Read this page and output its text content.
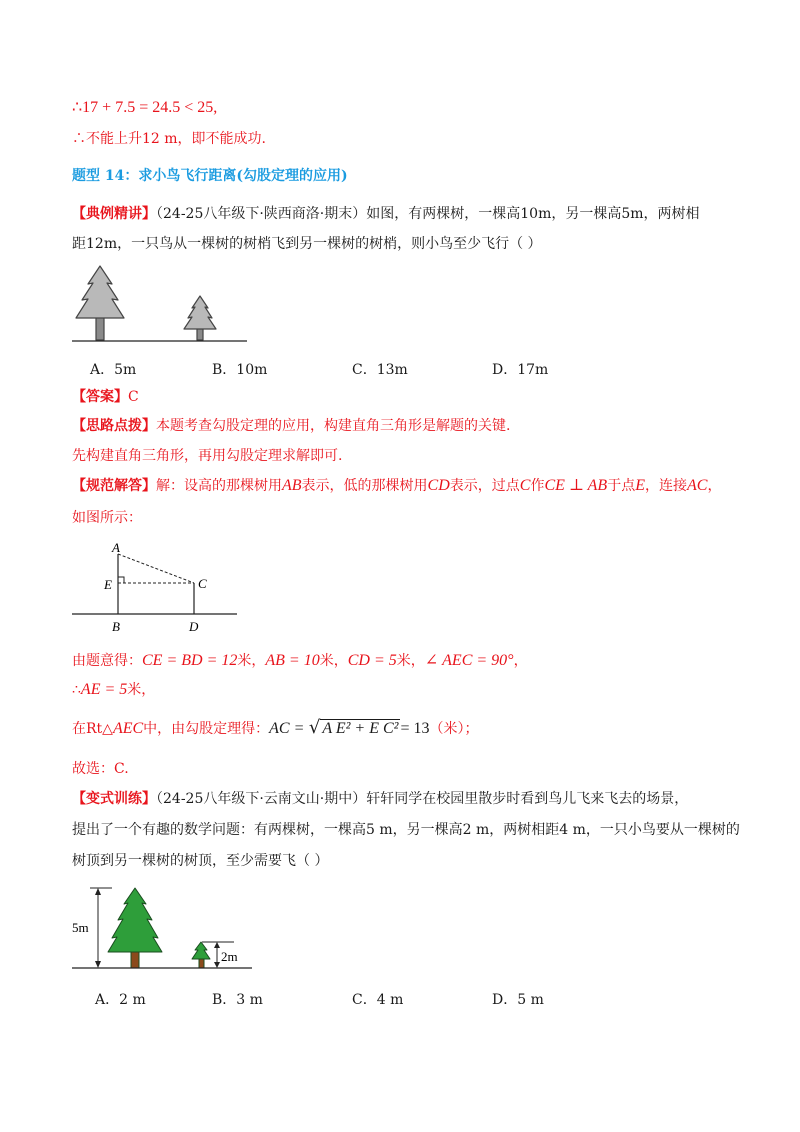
∴17 + 7.5 = 24.5 < 25,
∴不能上升12 m，即不能成功.
题型 14：求小鸟飞行距离(勾股定理的应用)
【典例精讲】（24-25八年级下·陕西商洛·期末）如图，有两棵树，一棵高10m，另一棵高5m，两树相
距12m，一只鸟从一棵树的树梢飞到另一棵树的树梢，则小鸟至少飞行（ ）
A．5m	B．10m	C．13m	D．17m
【答案】C
【思路点拨】本题考查勾股定理的应用，构建直角三角形是解题的关键.
先构建直角三角形，再用勾股定理求解即可.
【规范解答】解：设高的那棵树用AB表示，低的那棵树用CD表示，过点C作CE ⊥ AB于点E，连接AC，
如图所示：
A
E	C
B	D
由题意得：CE = BD = 12米，AB = 10米，CD = 5米，∠ AEC = 90°，
∴AE = 5米，
在Rt△AEC中，由勾股定理得：AC = √ A E² + E C² = 13（米）；
故选：C.
【变式训练】（24-25八年级下·云南文山·期中）轩轩同学在校园里散步时看到鸟儿飞来飞去的场景，
提出了一个有趣的数学问题：有两棵树，一棵高5 m，另一棵高2 m，两树相距4 m，一只小鸟要从一棵树的
树顶到另一棵树的树顶，至少需要飞（ ）
5m
2m
A．2 m	B．3 m	C．4 m	D．5 m
